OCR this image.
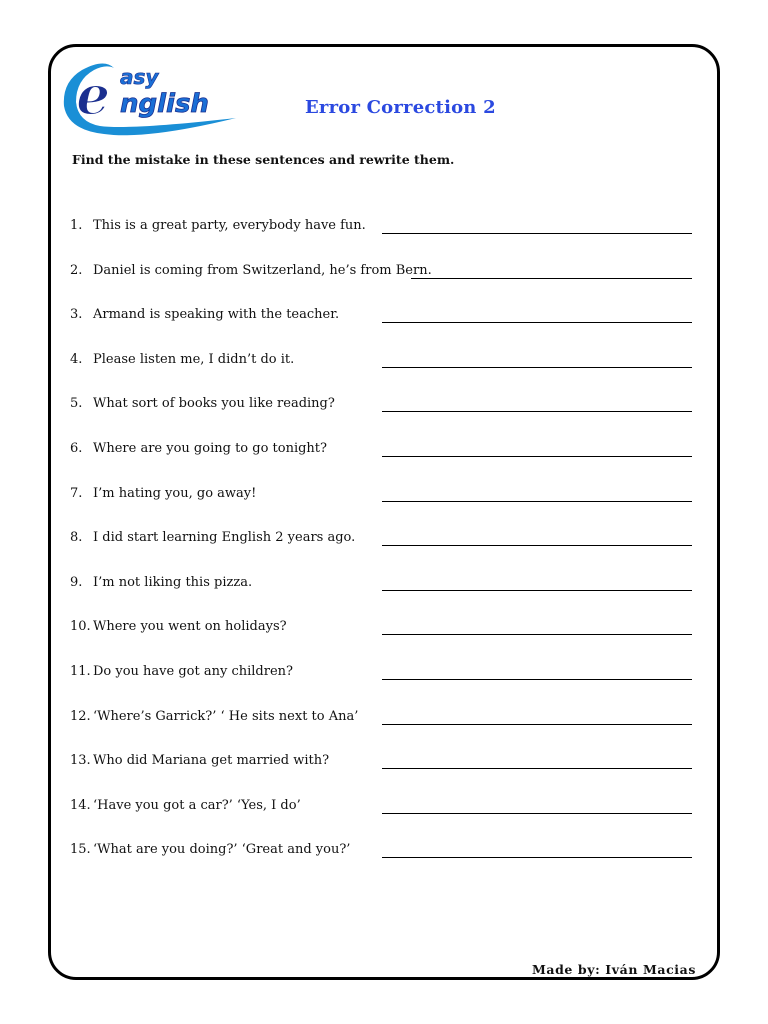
e asy
nglish	Error Correction 2
Find the mistake in these sentences and rewrite them.
1. This is a great party, everybody have fun.
2. Daniel is coming from Switzerland, he’s from Bern.
3. Armand is speaking with the teacher.
4. Please listen me, I didn’t do it.
5. What sort of books you like reading?
6. Where are you going to go tonight?
7. I’m hating you, go away!
8. I did start learning English 2 years ago.
9. I’m not liking this pizza.
10. Where you went on holidays?
11. Do you have got any children?
12. ‘Where’s Garrick?’ ‘ He sits next to Ana’
13. Who did Mariana get married with?
14. ‘Have you got a car?’ ‘Yes, I do’
15. ‘What are you doing?’ ‘Great and you?’
Made by: Iván Macias
